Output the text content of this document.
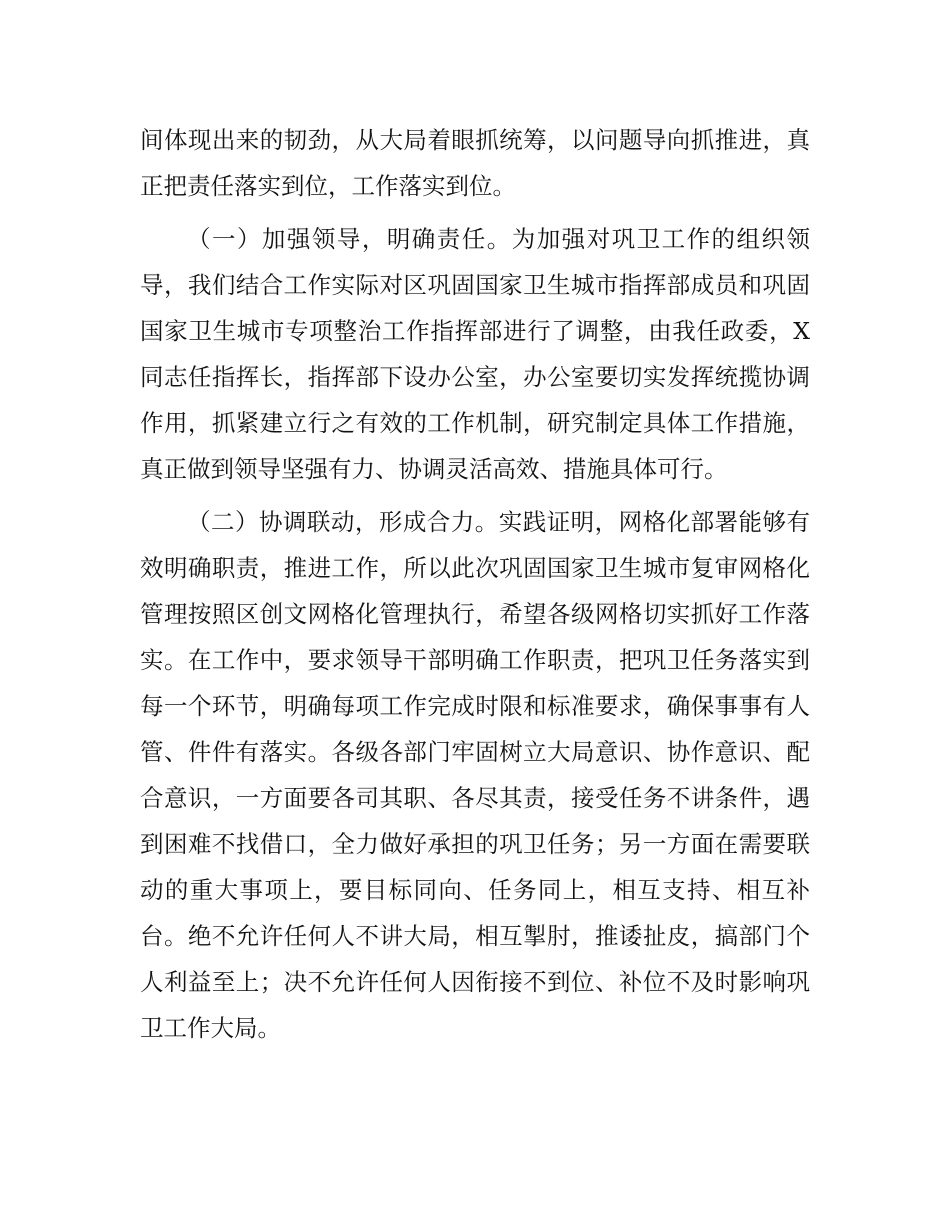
间体现出来的韧劲，从大局着眼抓统筹，以问题导向抓推进，真正把责任落实到位，工作落实到位。

（一）加强领导，明确责任。为加强对巩卫工作的组织领导，我们结合工作实际对区巩固国家卫生城市指挥部成员和巩固国家卫生城市专项整治工作指挥部进行了调整，由我任政委，X同志任指挥长，指挥部下设办公室，办公室要切实发挥统揽协调作用，抓紧建立行之有效的工作机制，研究制定具体工作措施，真正做到领导坚强有力、协调灵活高效、措施具体可行。

（二）协调联动，形成合力。实践证明，网格化部署能够有效明确职责，推进工作，所以此次巩固国家卫生城市复审网格化管理按照区创文网格化管理执行，希望各级网格切实抓好工作落实。在工作中，要求领导干部明确工作职责，把巩卫任务落实到每一个环节，明确每项工作完成时限和标准要求，确保事事有人管、件件有落实。各级各部门牢固树立大局意识、协作意识、配合意识，一方面要各司其职、各尽其责，接受任务不讲条件，遇到困难不找借口，全力做好承担的巩卫任务；另一方面在需要联动的重大事项上，要目标同向、任务同上，相互支持、相互补台。绝不允许任何人不讲大局，相互掣肘，推诿扯皮，搞部门个人利益至上；决不允许任何人因衔接不到位、补位不及时影响巩卫工作大局。
